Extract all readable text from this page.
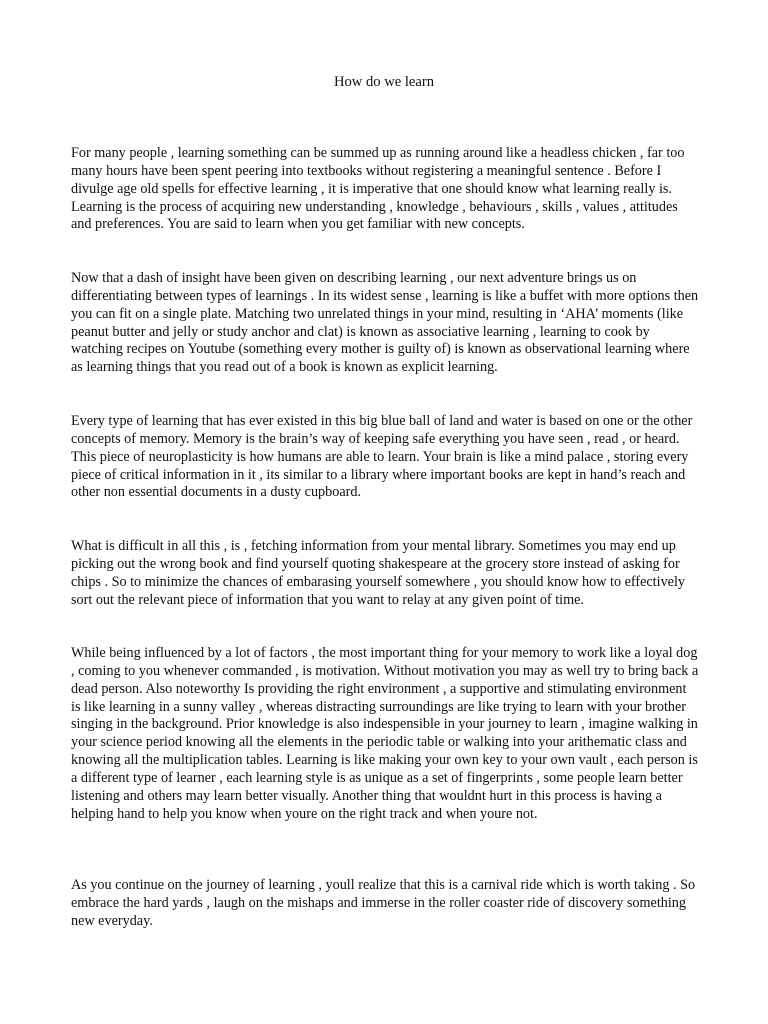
How do we learn

For many people , learning something can be summed up as running around like a headless chicken , far too many hours have been spent peering into textbooks without registering a meaningful sentence . Before I divulge age old spells for effective learning , it is imperative that one should know what learning really is. Learning is the process of acquiring new understanding , knowledge , behaviours , skills , values , attitudes and preferences. You are said to learn when you get familiar with new concepts.

Now that a dash of insight have been given on describing learning , our next adventure brings us on differentiating between types of learnings . In its widest sense , learning is like a buffet with more options then you can fit on a single plate. Matching two unrelated things in your mind, resulting in ‘AHA’ moments (like peanut butter and jelly or study anchor and clat) is known as associative learning , learning to cook by watching recipes on Youtube (something every mother is guilty of) is known as observational learning where as learning things that you read out of a book is known as explicit learning.

Every type of learning that has ever existed in this big blue ball of land and water is based on one or the other concepts of memory. Memory is the brain’s way of keeping safe everything you have seen , read , or heard. This piece of neuroplasticity is how humans are able to learn. Your brain is like a mind palace , storing every piece of critical information in it , its similar to a library where important books are kept in hand’s reach and other non essential documents in a dusty cupboard.

What is difficult in all this , is , fetching information from your mental library. Sometimes you may end up picking out the wrong book and find yourself quoting shakespeare at the grocery store instead of asking for chips . So to minimize the chances of embarasing yourself somewhere , you should know how to effectively sort out the relevant piece of information that you want to relay at any given point of time.

While being influenced by a lot of factors , the most important thing for your memory to work like a loyal dog , coming to you whenever commanded , is motivation. Without motivation you may as well try to bring back a dead person. Also noteworthy Is providing the right environment , a supportive and stimulating environment is like learning in a sunny valley , whereas distracting surroundings are like trying to learn with your brother singing in the background. Prior knowledge is also indespensible in your journey to learn , imagine walking in your science period knowing all the elements in the periodic table or walking into your arithematic class and knowing all the multiplication tables. Learning is like making your own key to your own vault , each person is a different type of learner , each learning style is as unique as a set of fingerprints , some people learn better listening and others may learn better visually. Another thing that wouldnt hurt in this process is having a helping hand to help you know when youre on the right track and when youre not.

As you continue on the journey of learning , youll realize that this is a carnival ride which is worth taking . So embrace the hard yards , laugh on the mishaps and immerse in the roller coaster ride of discovery something new everyday.
